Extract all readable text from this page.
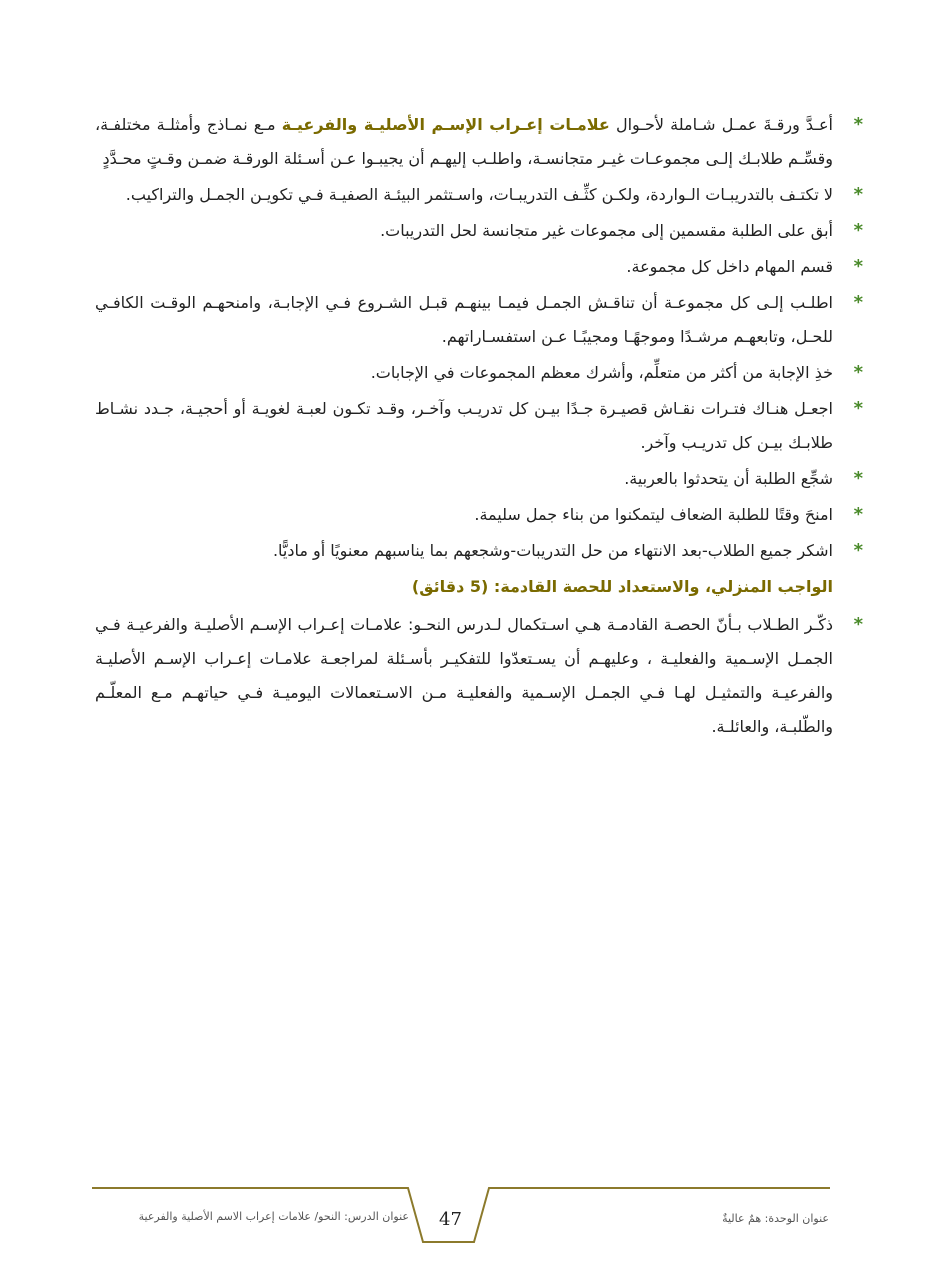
*
أعـدَّ ورقـةَ عمـل شـاملة لأحـوال علامـات إعـراب الإسـم الأصليـة والفرعيـة مـع نمـاذج وأمثلـة مختلفـة، وقسِّـم طلابـك إلـى مجموعـات غيـر متجانسـة، واطلـب إليهـم أن يجيبـوا عـن أسـئلة الورقـة ضمـن وقـتٍ محـدَّدٍ
*
لا تكتـف بالتدريبـات الـواردة، ولكـن كثِّـف التدريبـات، واسـتثمر البيئـة الصفيـة فـي تكويـن الجمـل والتراكيب.
*
أبق على الطلبة مقسمين إلى مجموعات غير متجانسة لحل التدريبات.
*
قسم المهام داخل كل مجموعة.
*
اطلـب إلـى كل مجموعـة أن تناقـش الجمـل فيمـا بينهـم قبـل الشـروع فـي الإجابـة، وامنحهـم الوقـت الكافـي للحـل، وتابعهـم مرشـدًا وموجهًـا ومجيبًـا عـن استفسـاراتهم.
*
خذِ الإجابة من أكثر من متعلِّم، وأشرك معظم المجموعات في الإجابات.
*
اجعـل هنـاك فتـرات نقـاش قصيـرة جـدًا بيـن كل تدريـب وآخـر، وقـد تكـون لعبـة لغويـة أو أحجيـة، جـدد نشـاط طلابـك بيـن كل تدريـب وآخر.
*
شجِّع الطلبة أن يتحدثوا بالعربية.
*
امنحَ وقتًا للطلبة الضعاف ليتمكنوا من بناء جمل سليمة.
*
اشكر جميع الطلاب-بعد الانتهاء من حل التدريبات-وشجعهم بما يناسبهم معنويًا أو ماديًّا.
الواجب المنزلي، والاستعداد للحصة القادمة: (5 دقائق)
*
ذكّـر الطـلاب بـأنّ الحصـة القادمـة هـي اسـتكمال لـدرس النحـو: علامـات إعـراب الإسـم الأصليـة والفرعيـة فـي الجمـل الإسـمية والفعليـة ، وعليهـم أن يسـتعدّوا للتفكيـر بأسـئلة لمراجعـة علامـات إعـراب الإسـم الأصليـة والفرعيـة والتمثيـل لهـا فـي الجمـل الإسـمية والفعليـة مـن الاسـتعمالات اليوميـة فـي حياتهـم مـع المعلّـم والطّلبـة، والعائلـة.
عنوان الوحدة: همٌ عاليةٌ
47
عنوان الدرس: النحو/ علامات إعراب الاسم الأصلية والفرعية
